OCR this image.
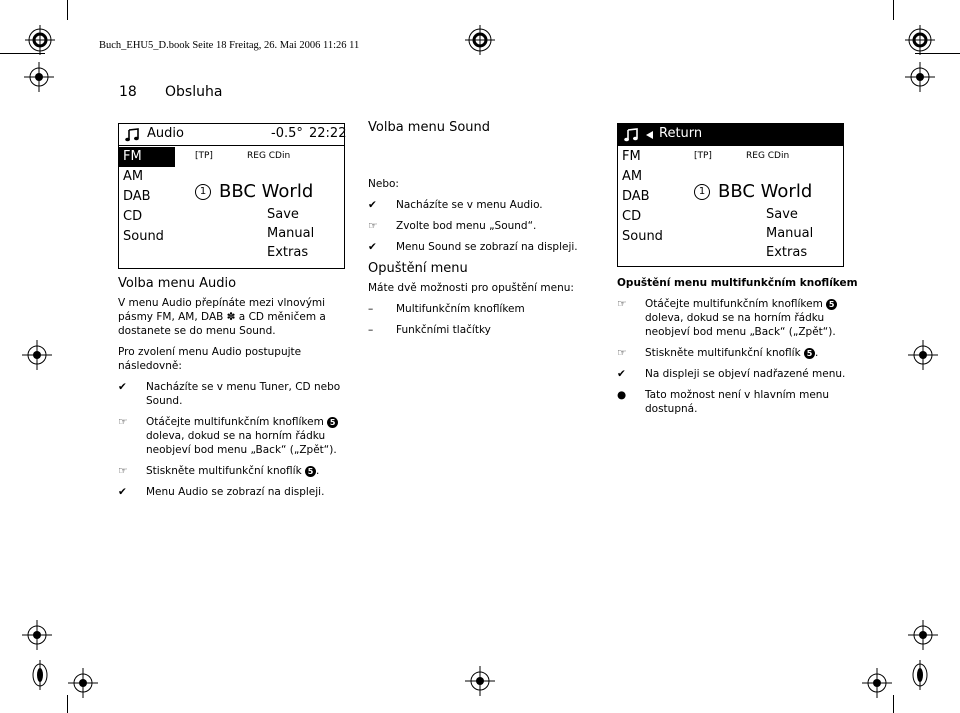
Buch_EHU5_D.book Seite 18 Freitag, 26. Mai 2006 11:26 11
18 Obsluha
Audio	-0.5° 22:22
FM
AM
DAB
CD
Sound
[TP]	REG CDin
1 BBC World
Save
Manual
Extras
Return
FM
AM
DAB
CD
Sound
[TP]	REG CDin
1 BBC World
Save
Manual
Extras
Volba menu Audio

V menu Audio přepínáte mezi vlnovými pásmy FM, AM, DAB ✽ a CD měničem a dostanete se do menu Sound.

Pro zvolení menu Audio postupujte následovně:

✔	Nacházíte se v menu Tuner, CD nebo Sound.

☞	Otáčejte multifunkčním knoflíkem 5 doleva, dokud se na horním řádku neobjeví bod menu „Back“ („Zpět“).

☞	Stiskněte multifunkční knoflík 5 .

✔	Menu Audio se zobrazí na displeji.

Volba menu Sound

Nebo:

✔	Nacházíte se v menu Audio.

☞	Zvolte bod menu „Sound“.

✔	Menu Sound se zobrazí na displeji.

Opuštění menu

Máte dvě možnosti pro opuštění menu:

–	Multifunkčním knoflíkem

–	Funkčními tlačítky

Opuštění menu multifunkčním knoflíkem

☞	Otáčejte multifunkčním knoflíkem 5 doleva, dokud se na horním řádku neobjeví bod menu „Back“ („Zpět“).

☞	Stiskněte multifunkční knoflík 5 .

✔	Na displeji se objeví nadřazené menu.

●	Tato možnost není v hlavním menu dostupná.
